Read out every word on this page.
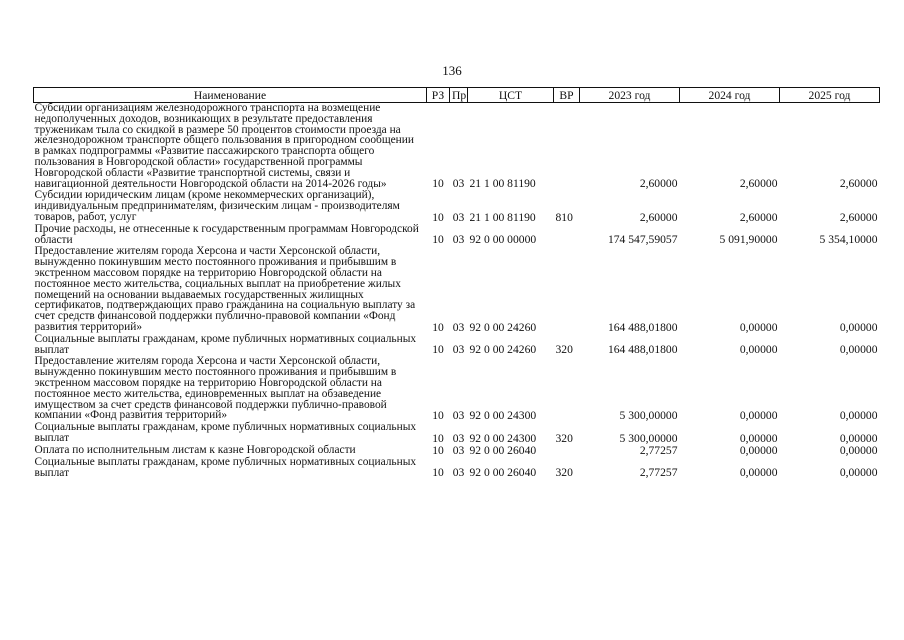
136
Наименование	РЗ	Пр	ЦСТ	ВР	2023 год	2024 год	2025 год
Субсидии организациям железнодорожного транспорта на возмещение недополученных доходов, возникающих в результате предоставления труженикам тыла со скидкой в размере 50 процентов стоимости проезда на железнодорожном транспорте общего пользования в пригородном сообщении в рамках подпрограммы «Развитие пассажирского транспорта общего пользования в Новгородской области» государственной программы Новгородской области «Развитие транспортной системы, связи и навигационной деятельности Новгородской области на 2014-2026 годы»	10	03	21 1 00 81190		2,60000	2,60000	2,60000
Субсидии юридическим лицам (кроме некоммерческих организаций), индивидуальным предпринимателям, физическим лицам - производителям товаров, работ, услуг	10	03	21 1 00 81190	810	2,60000	2,60000	2,60000
Прочие расходы, не отнесенные к государственным программам Новгородской области	10	03	92 0 00 00000		174 547,59057	5 091,90000	5 354,10000
Предоставление жителям города Херсона и части Херсонской области, вынужденно покинувшим место постоянного проживания и прибывшим в экстренном массовом порядке на территорию Новгородской области на постоянное место жительства, социальных выплат на приобретение жилых помещений на основании выдаваемых государственных жилищных сертификатов, подтверждающих право гражданина на социальную выплату за счет средств финансовой поддержки публично-правовой компании «Фонд развития территорий»	10	03	92 0 00 24260		164 488,01800	0,00000	0,00000
Социальные выплаты гражданам, кроме публичных нормативных социальных выплат	10	03	92 0 00 24260	320	164 488,01800	0,00000	0,00000
Предоставление жителям города Херсона и части Херсонской области, вынужденно покинувшим место постоянного проживания и прибывшим в экстренном массовом порядке на территорию Новгородской области на постоянное место жительства, единовременных выплат на обзаведение имуществом за счет средств финансовой поддержки публично-правовой компании «Фонд развития территорий»	10	03	92 0 00 24300		5 300,00000	0,00000	0,00000
Социальные выплаты гражданам, кроме публичных нормативных социальных выплат	10	03	92 0 00 24300	320	5 300,00000	0,00000	0,00000
Оплата по исполнительным листам к казне Новгородской области	10	03	92 0 00 26040		2,77257	0,00000	0,00000
Социальные выплаты гражданам, кроме публичных нормативных социальных выплат	10	03	92 0 00 26040	320	2,77257	0,00000	0,00000
